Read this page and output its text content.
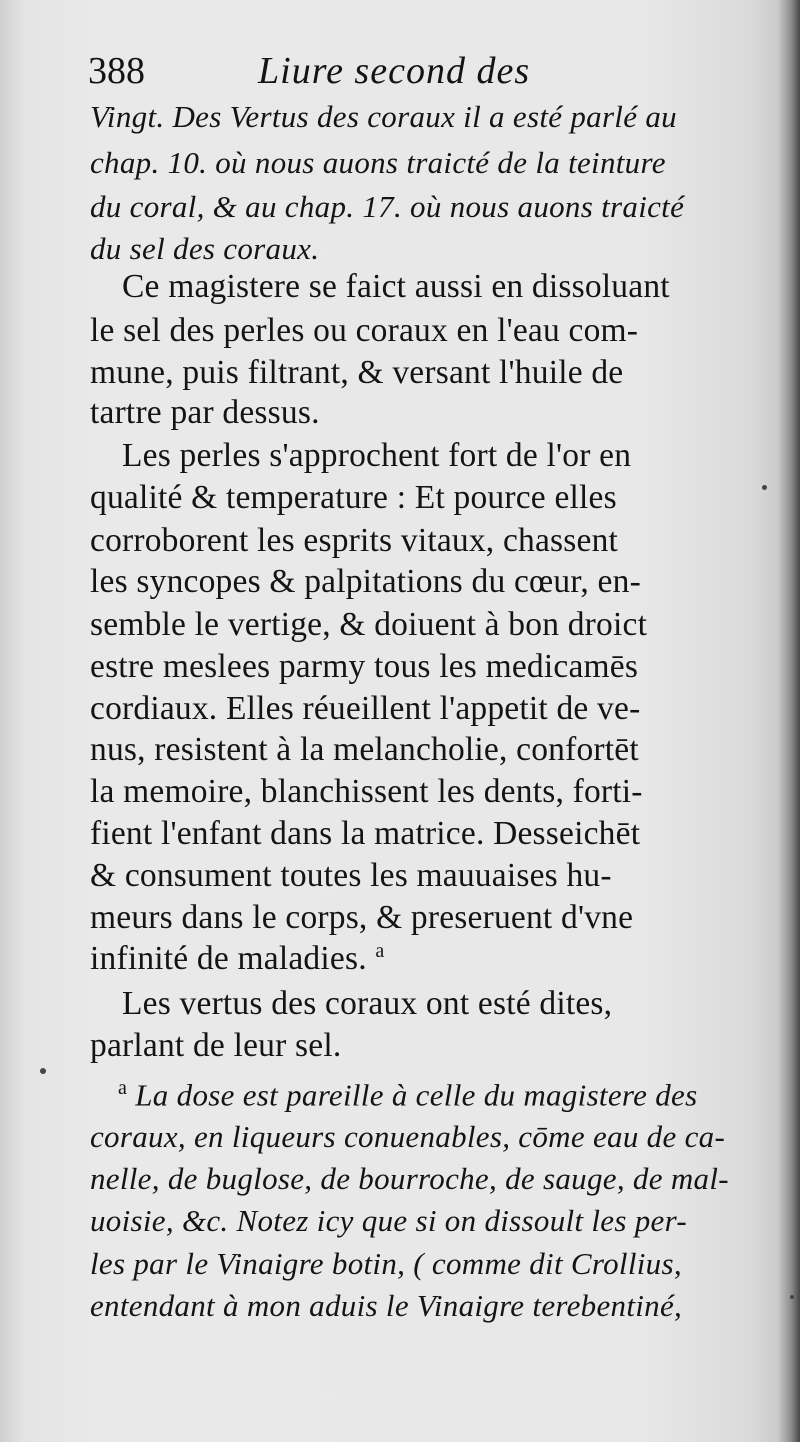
388	Liure second des
Vingt. Des Vertus des coraux il a esté parlé au
chap. 10. où nous auons traicté de la teinture
du coral, & au chap. 17. où nous auons traicté
du sel des coraux.
Ce magistere se faict aussi en dissoluant
le sel des perles ou coraux en l'eau com-
mune, puis filtrant, & versant l'huile de
tartre par dessus.
Les perles s'approchent fort de l'or en
qualité & temperature : Et pource elles
corroborent les esprits vitaux, chassent
les syncopes & palpitations du cœur, en-
semble le vertige, & doiuent à bon droict
estre meslees parmy tous les medicamēs
cordiaux. Elles réueillent l'appetit de ve-
nus, resistent à la melancholie, confortēt
la memoire, blanchissent les dents, forti-
fient l'enfant dans la matrice. Desseichēt
& consument toutes les mauuaises hu-
meurs dans le corps, & preseruent d'vne
infinité de maladies. $^a$
Les vertus des coraux ont esté dites,
parlant de leur sel.
$^a$ La dose est pareille à celle du magistere des
coraux, en liqueurs conuenables, cōme eau de ca-
nelle, de buglose, de bourroche, de sauge, de mal-
uoisie, &c. Notez icy que si on dissoult les per-
les par le Vinaigre botin, ( comme dit Crollius,
entendant à mon aduis le Vinaigre terebentiné,
